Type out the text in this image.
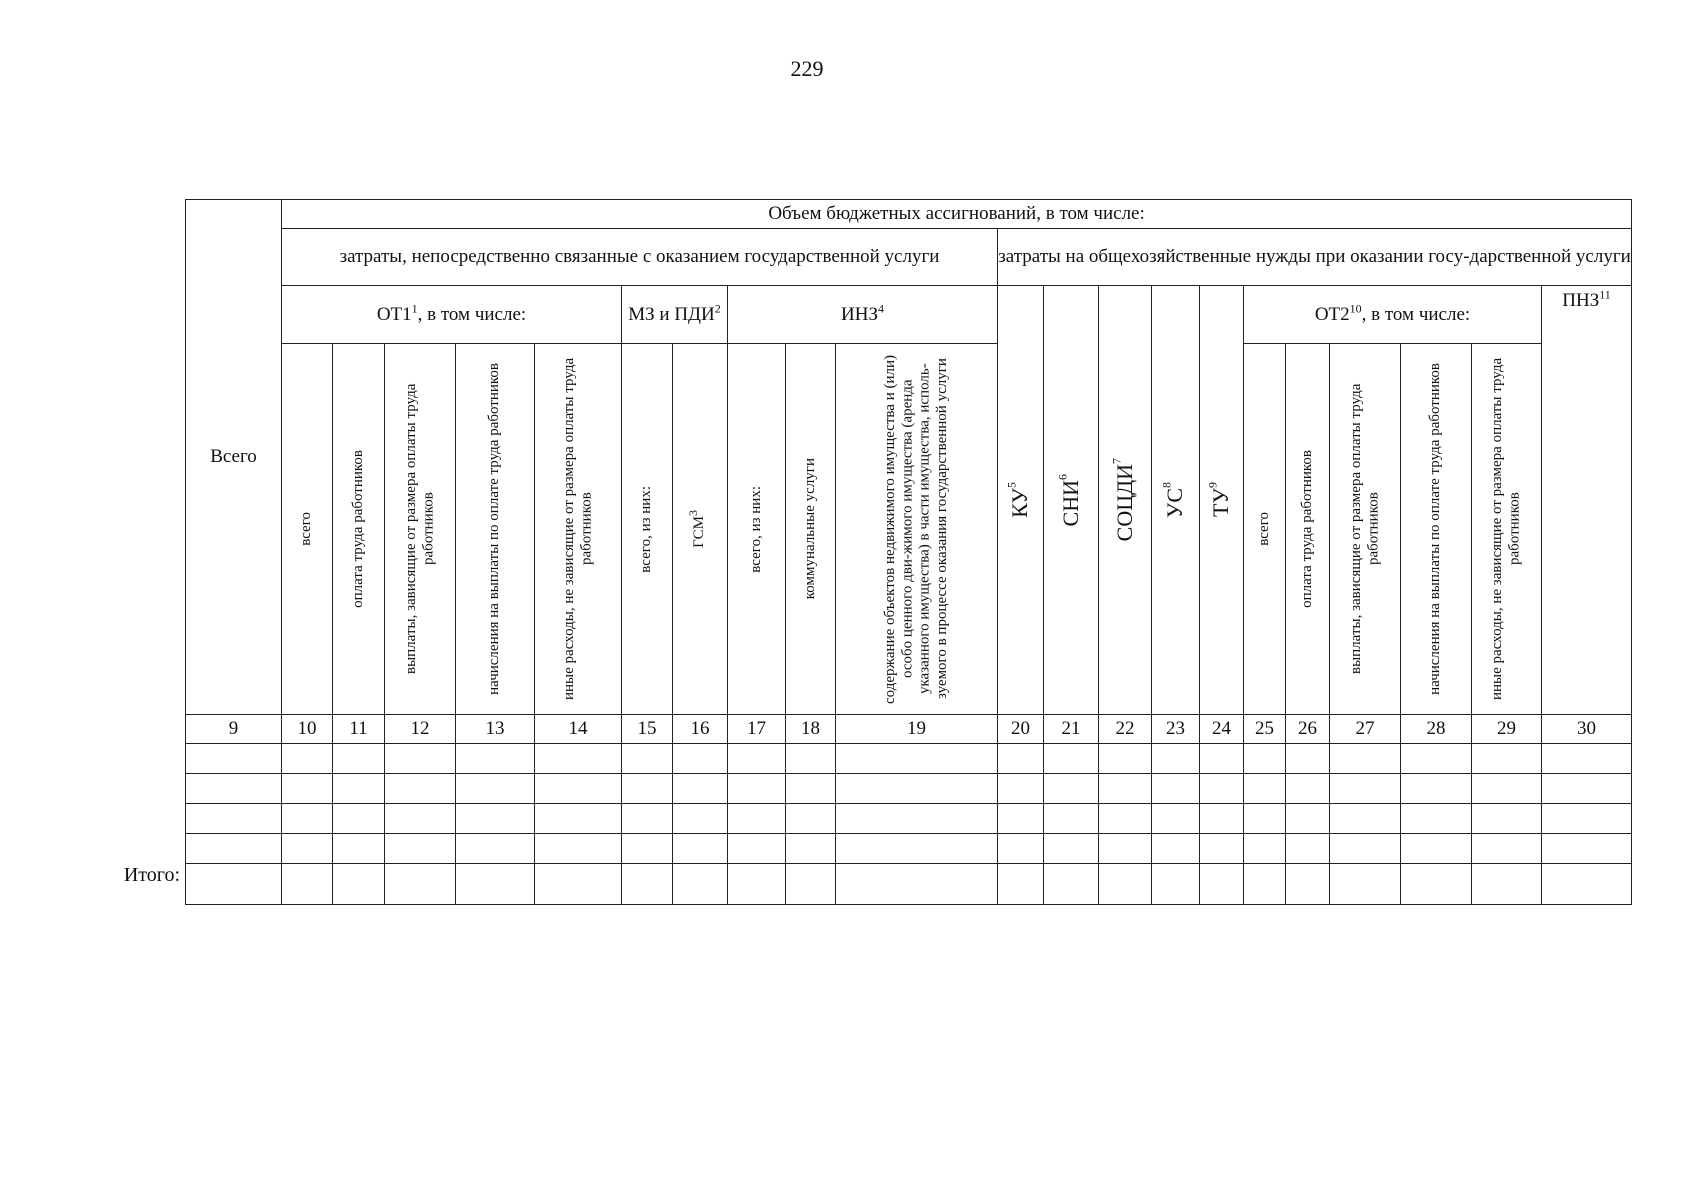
229
Всего	Объем бюджетных ассигнований, в том числе:																				
	затраты, непосредственно связанные с оказанием государственной услуги										затраты на общехозяйственные нужды при оказании госу-дарственной услуги										
	$ОТ1^1$, в том числе:					МЗ и ПДИ$^2$		ИНЗ$^4$			$КУ^5$	СНИ$^6$	СОЦДИ$^7$	$УС^8$	$ТУ^9$	$ОТ2^{10}$, в том числе:					ПНЗ$^{11}$

	всего	оплата труда работников	выплаты, зависящие от размера оплаты труда работников	начисления на выплаты по оплате труда работников	иные расходы, не зависящие от размера оплаты труда работников	всего, из них:	ГСМ$^3$	всего, из них:	коммунальные услуги	содержание объектов недвижимого имущества и (или) особо ценного дви-жимого имущества (аренда указанного имущества) в части имущества, исполь-зуемого в процессе оказания государственной услуги						всего	оплата труда работников	выплаты, зависящие от размера оплаты труда работников	начисления на выплаты по оплате труда работников	иные расходы, не зависящие от размера оплаты труда работников	

9	10	11	12	13	14	15	16	17	18	19	20	21	22	23	24	25	26	27	28	29	30

Итого:
